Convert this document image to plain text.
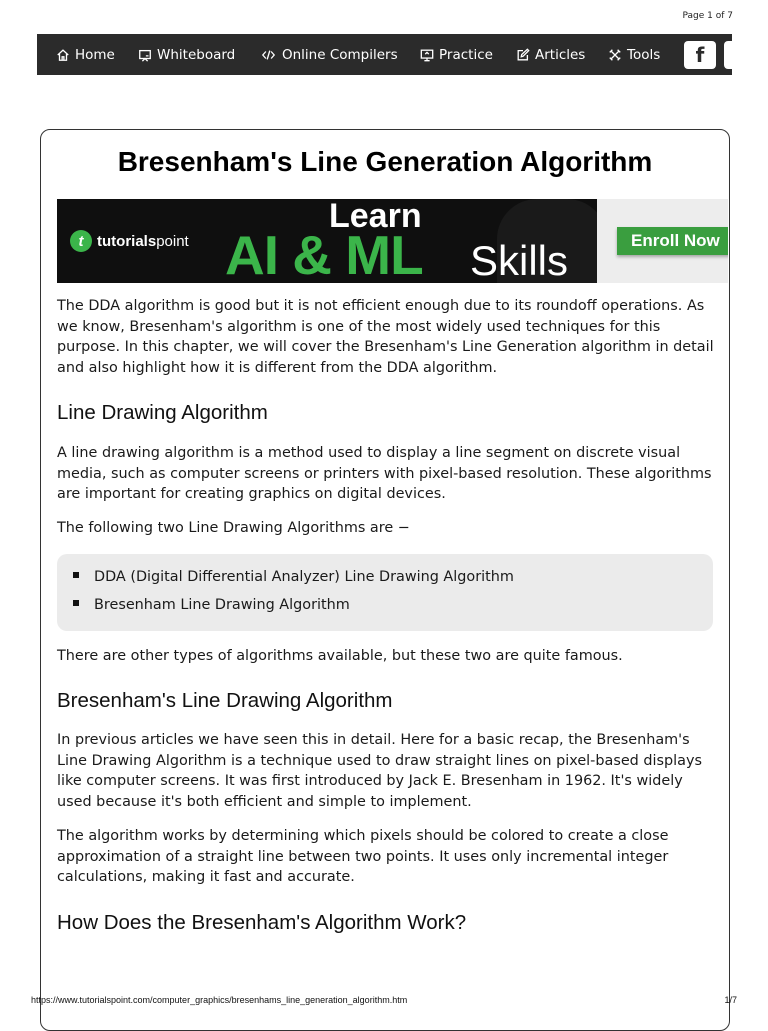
Page 1 of 7
Home	Whiteboard	Online Compilers	Practice	Articles	Tools f
Bresenham's Line Generation Algorithm
t tutorialspoint
Learn
AI & ML Skills	Enroll Now

The DDA algorithm is good but it is not efficient enough due to its roundoff operations. As we know, Bresenham's algorithm is one of the most widely used techniques for this purpose. In this chapter, we will cover the Bresenham's Line Generation algorithm in detail and also highlight how it is different from the DDA algorithm.

Line Drawing Algorithm

A line drawing algorithm is a method used to display a line segment on discrete visual media, such as computer screens or printers with pixel-based resolution. These algorithms are important for creating graphics on digital devices.

The following two Line Drawing Algorithms are −

DDA (Digital Differential Analyzer) Line Drawing Algorithm
Bresenham Line Drawing Algorithm

There are other types of algorithms available, but these two are quite famous.

Bresenham's Line Drawing Algorithm

In previous articles we have seen this in detail. Here for a basic recap, the Bresenham's Line Drawing Algorithm is a technique used to draw straight lines on pixel-based displays like computer screens. It was first introduced by Jack E. Bresenham in 1962. It's widely used because it's both efficient and simple to implement.

The algorithm works by determining which pixels should be colored to create a close approximation of a straight line between two points. It uses only incremental integer calculations, making it fast and accurate.

How Does the Bresenham's Algorithm Work?
https://www.tutorialspoint.com/computer_graphics/bresenhams_line_generation_algorithm.htm	1/7
